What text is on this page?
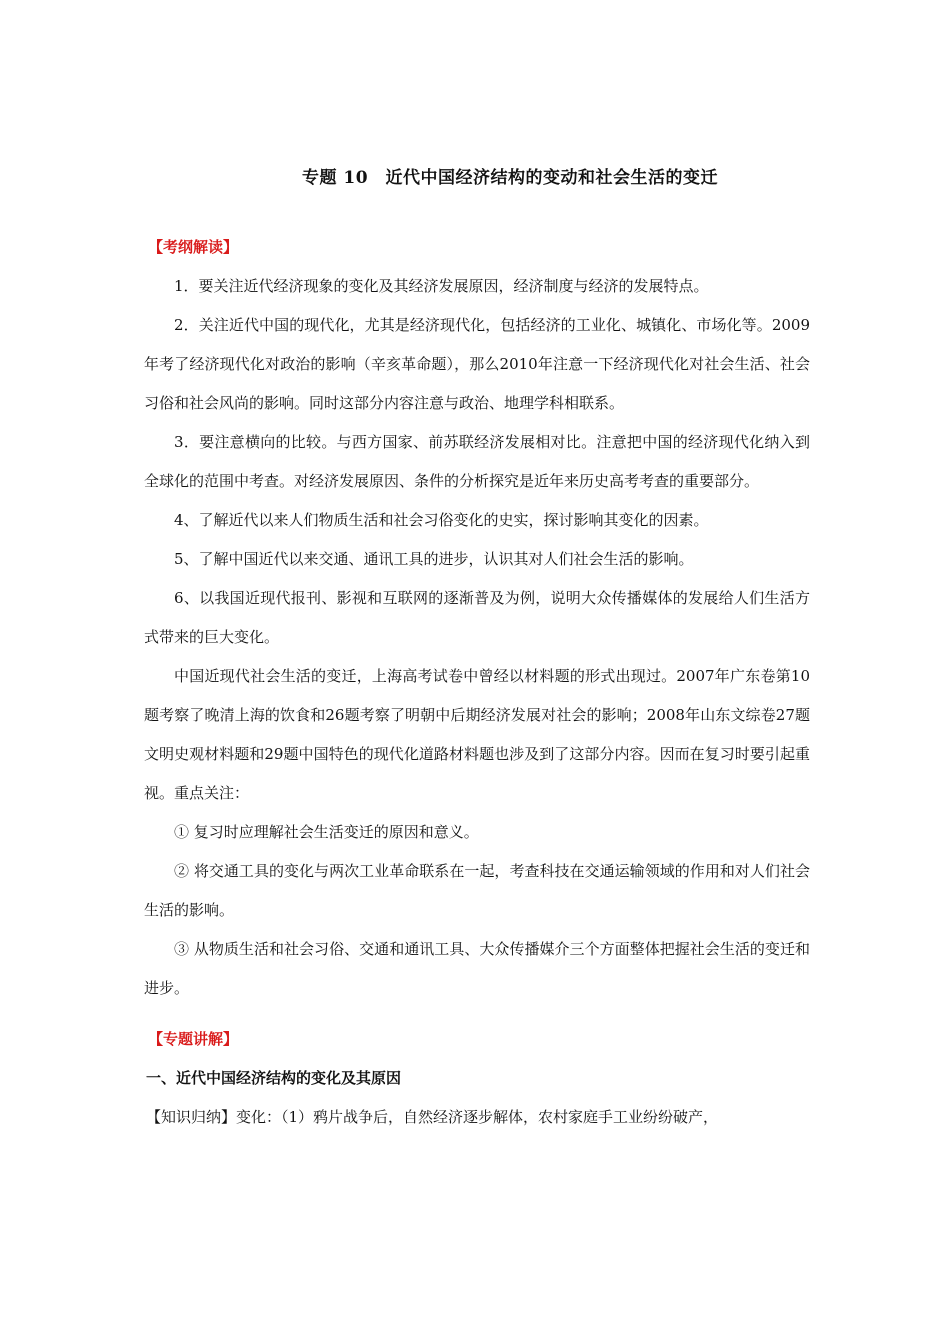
专题 10　近代中国经济结构的变动和社会生活的变迁

【考纲解读】

1．要关注近代经济现象的变化及其经济发展原因，经济制度与经济的发展特点。

2．关注近代中国的现代化，尤其是经济现代化，包括经济的工业化、城镇化、市场化等。2009年考了经济现代化对政治的影响（辛亥革命题），那么2010年注意一下经济现代化对社会生活、社会习俗和社会风尚的影响。同时这部分内容注意与政治、地理学科相联系。

3．要注意横向的比较。与西方国家、前苏联经济发展相对比。注意把中国的经济现代化纳入到全球化的范围中考查。对经济发展原因、条件的分析探究是近年来历史高考考查的重要部分。

4、了解近代以来人们物质生活和社会习俗变化的史实，探讨影响其变化的因素。

5、了解中国近代以来交通、通讯工具的进步，认识其对人们社会生活的影响。

6、以我国近现代报刊、影视和互联网的逐渐普及为例，说明大众传播媒体的发展给人们生活方式带来的巨大变化。

中国近现代社会生活的变迁，上海高考试卷中曾经以材料题的形式出现过。2007年广东卷第10题考察了晚清上海的饮食和26题考察了明朝中后期经济发展对社会的影响；2008年山东文综卷27题文明史观材料题和29题中国特色的现代化道路材料题也涉及到了这部分内容。因而在复习时要引起重视。重点关注：

① 复习时应理解社会生活变迁的原因和意义。

② 将交通工具的变化与两次工业革命联系在一起，考查科技在交通运输领域的作用和对人们社会生活的影响。

③ 从物质生活和社会习俗、交通和通讯工具、大众传播媒介三个方面整体把握社会生活的变迁和进步。

【专题讲解】

一、近代中国经济结构的变化及其原因

【知识归纳】变化：（1）鸦片战争后，自然经济逐步解体，农村家庭手工业纷纷破产，
